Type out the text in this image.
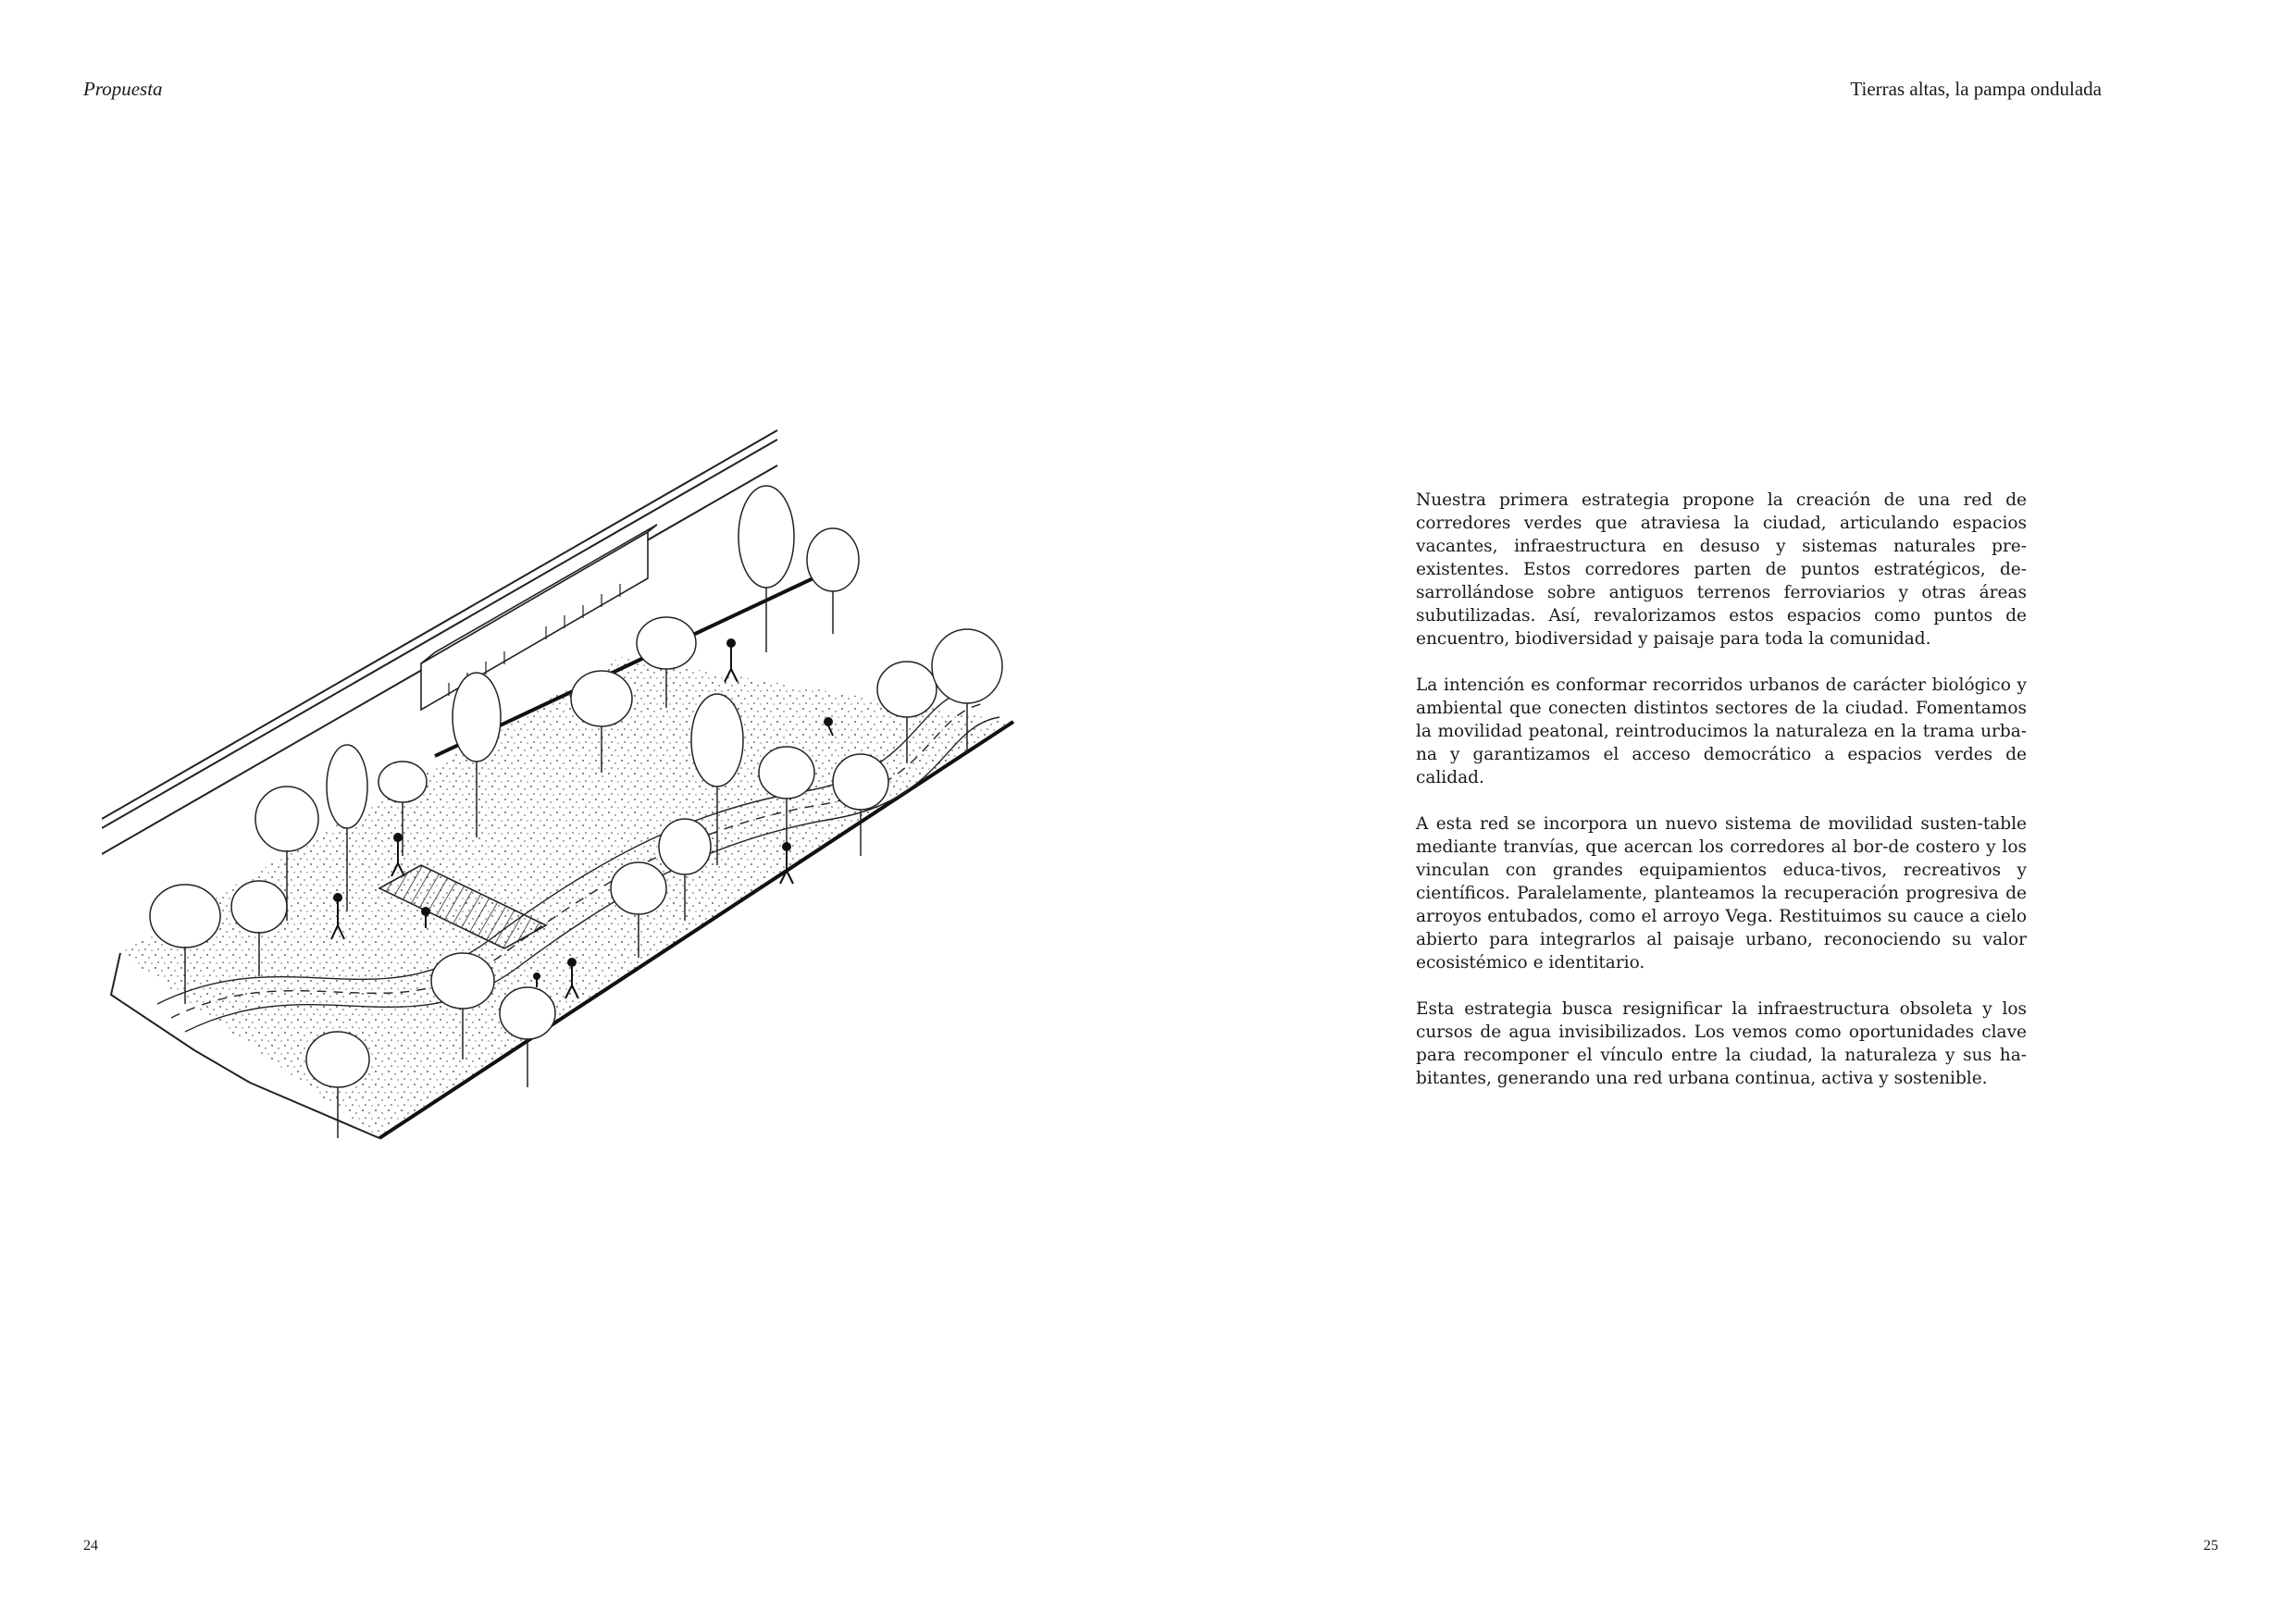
Propuesta
24
Tierras altas, la pampa ondulada

Nuestra primera estrategia propone la creación de una red de corredores verdes que atraviesa la ciudad, articulando espacios vacantes, infraestructura en desuso y sistemas naturales pre-existentes. Estos corredores parten de puntos estratégicos, de-sarrollándose sobre antiguos terrenos ferroviarios y otras áreas subutilizadas. Así, revalorizamos estos espacios como puntos de encuentro, biodiversidad y paisaje para toda la comunidad.

La intención es conformar recorridos urbanos de carácter biológico y ambiental que conecten distintos sectores de la ciudad. Fomentamos la movilidad peatonal, reintroducimos la naturaleza en la trama urba-na y garantizamos el acceso democrático a espacios verdes de calidad.

A esta red se incorpora un nuevo sistema de movilidad susten-table mediante tranvías, que acercan los corredores al bor-de costero y los vinculan con grandes equipamientos educa-tivos, recreativos y científicos. Paralelamente, planteamos la recuperación progresiva de arroyos entubados, como el arroyo Vega. Restituimos su cauce a cielo abierto para integrarlos al paisaje urbano, reconociendo su valor ecosistémico e identitario.

Esta estrategia busca resignificar la infraestructura obsoleta y los cursos de agua invisibilizados. Los vemos como oportunidades clave para recomponer el vínculo entre la ciudad, la naturaleza y sus ha-bitantes, generando una red urbana continua, activa y sostenible.

25
